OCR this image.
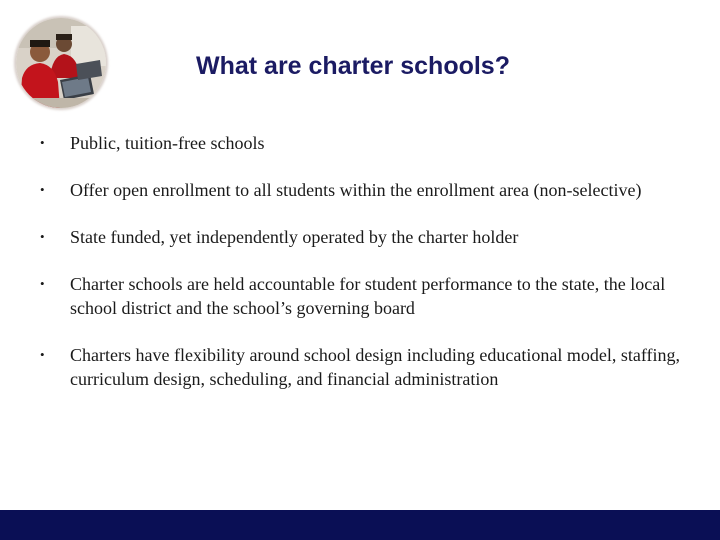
What are charter schools?
• Public, tuition-free schools
• Offer open enrollment to all students within the enrollment area (non-selective)
• State funded, yet independently operated by the charter holder
• Charter schools are held accountable for student performance to the state, the local school district and the school’s governing board
• Charters have flexibility around school design including educational model, staffing, curriculum design, scheduling, and financial administration
